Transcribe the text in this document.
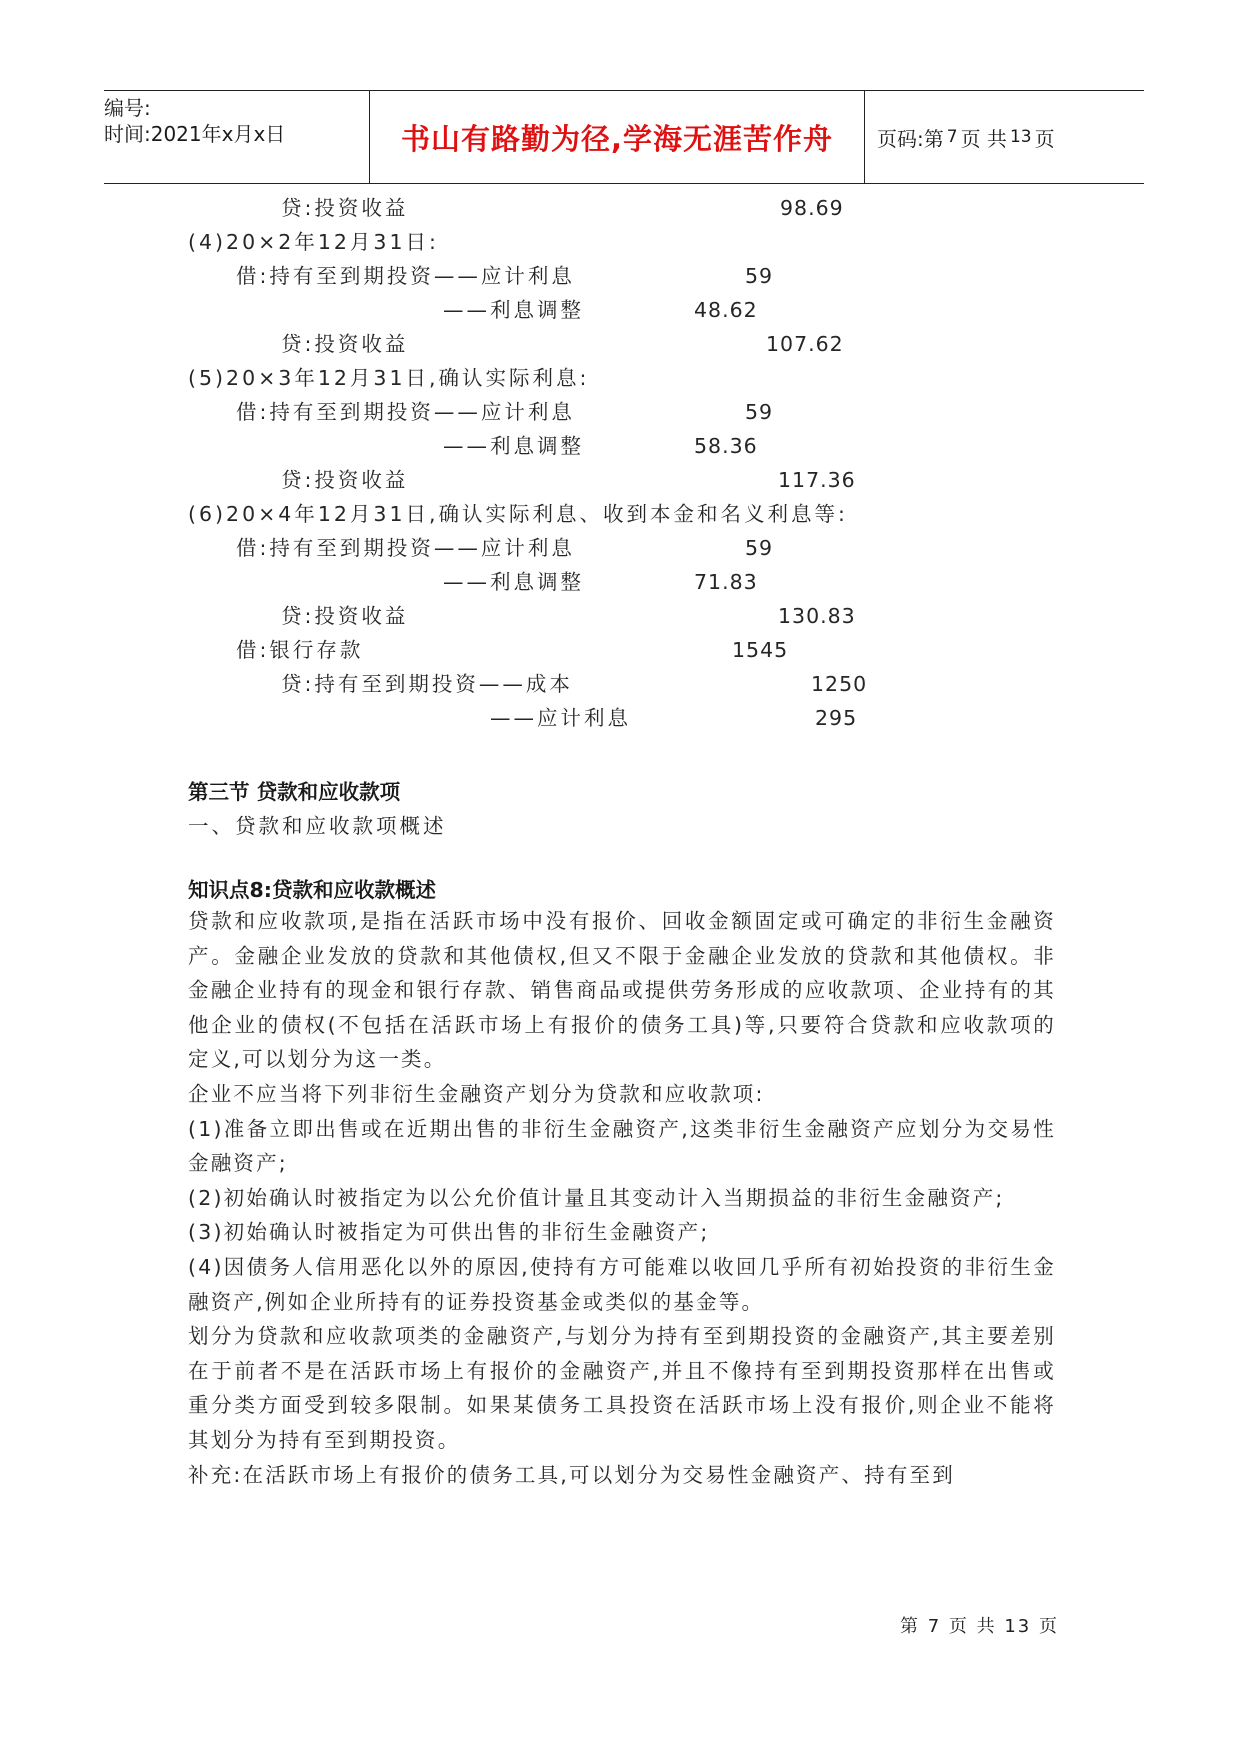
编号:
时间:2021年x月x日	书山有路勤为径,学海无涯苦作舟	页码:第 7 页 共 13 页
贷:投资收益	98.69
(4)20×2年12月31日:
借:持有至到期投资——应计利息	59
——利息调整	48.62
贷:投资收益	107.62
(5)20×3年12月31日,确认实际利息:
借:持有至到期投资——应计利息	59
——利息调整	58.36
贷:投资收益	117.36
(6)20×4年12月31日,确认实际利息、收到本金和名义利息等:
借:持有至到期投资——应计利息	59
——利息调整	71.83
贷:投资收益	130.83
借:银行存款	1545
贷:持有至到期投资——成本	1250
——应计利息	295
第三节 贷款和应收款项
一、贷款和应收款项概述
知识点8:贷款和应收款概述

贷款和应收款项,是指在活跃市场中没有报价、回收金额固定或可确定的非衍生金融资产。金融企业发放的贷款和其他债权,但又不限于金融企业发放的贷款和其他债权。非金融企业持有的现金和银行存款、销售商品或提供劳务形成的应收款项、企业持有的其他企业的债权(不包括在活跃市场上有报价的债务工具)等,只要符合贷款和应收款项的定义,可以划分为这一类。

企业不应当将下列非衍生金融资产划分为贷款和应收款项:

(1)准备立即出售或在近期出售的非衍生金融资产,这类非衍生金融资产应划分为交易性金融资产;

(2)初始确认时被指定为以公允价值计量且其变动计入当期损益的非衍生金融资产;

(3)初始确认时被指定为可供出售的非衍生金融资产;

(4)因债务人信用恶化以外的原因,使持有方可能难以收回几乎所有初始投资的非衍生金融资产,例如企业所持有的证券投资基金或类似的基金等。

划分为贷款和应收款项类的金融资产,与划分为持有至到期投资的金融资产,其主要差别在于前者不是在活跃市场上有报价的金融资产,并且不像持有至到期投资那样在出售或重分类方面受到较多限制。如果某债务工具投资在活跃市场上没有报价,则企业不能将其划分为持有至到期投资。

补充:在活跃市场上有报价的债务工具,可以划分为交易性金融资产、持有至到

第 7 页 共 13 页
